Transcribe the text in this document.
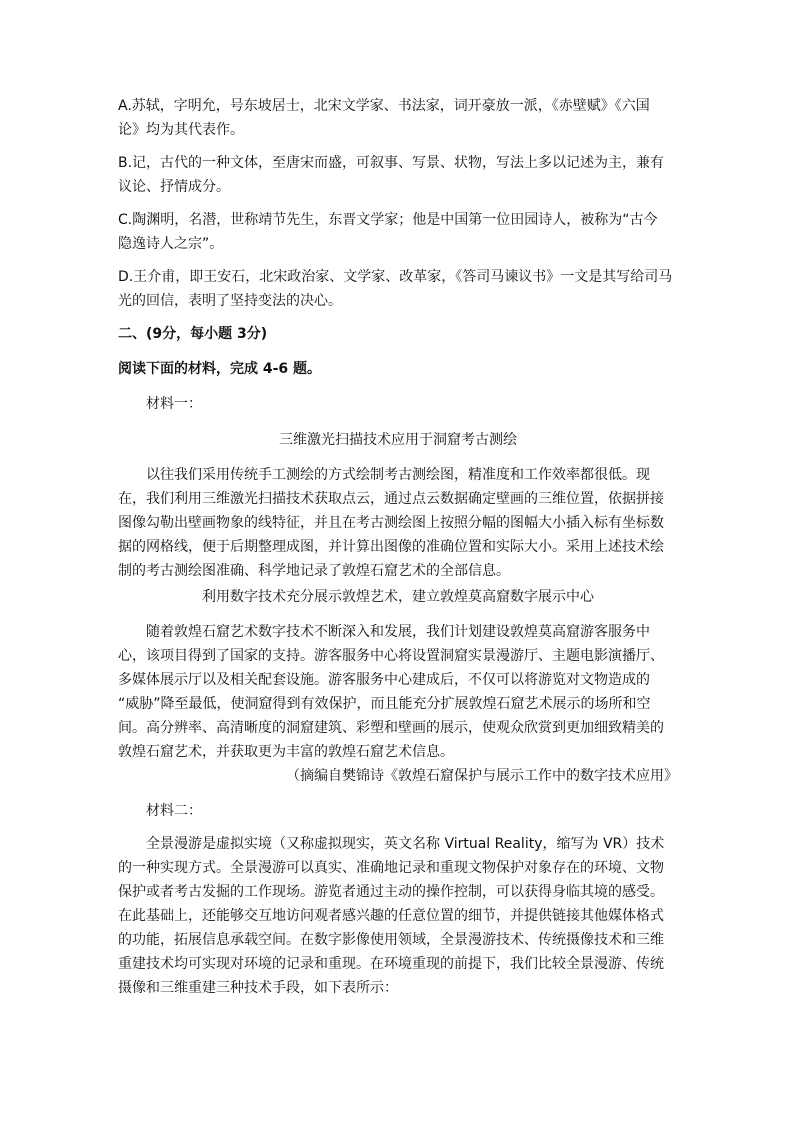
A.苏轼，字明允，号东坡居士，北宋文学家、书法家，词开豪放一派，《赤壁赋》《六国
论》均为其代表作。
B.记，古代的一种文体，至唐宋而盛，可叙事、写景、状物，写法上多以记述为主，兼有
议论、抒情成分。
C.陶渊明，名潜，世称靖节先生，东晋文学家；他是中国第一位田园诗人，被称为“古今
隐逸诗人之宗”。
D.王介甫，即王安石，北宋政治家、文学家、改革家，《答司马谏议书》一文是其写给司马
光的回信，表明了坚持变法的决心。
二、(9分，每小题 3分)
阅读下面的材料，完成 4-6 题。
材料一：
三维激光扫描技术应用于洞窟考古测绘
以往我们采用传统手工测绘的方式绘制考古测绘图，精准度和工作效率都很低。现
在，我们利用三维激光扫描技术获取点云，通过点云数据确定壁画的三维位置，依据拼接
图像勾勒出壁画物象的线特征，并且在考古测绘图上按照分幅的图幅大小插入标有坐标数
据的网格线，便于后期整理成图，并计算出图像的准确位置和实际大小。采用上述技术绘
制的考古测绘图准确、科学地记录了敦煌石窟艺术的全部信息。
利用数字技术充分展示敦煌艺术，建立敦煌莫高窟数字展示中心
随着敦煌石窟艺术数字技术不断深入和发展，我们计划建设敦煌莫高窟游客服务中
心，该项目得到了国家的支持。游客服务中心将设置洞窟实景漫游厅、主题电影演播厅、
多媒体展示厅以及相关配套设施。游客服务中心建成后，不仅可以将游览对文物造成的
“威胁”降至最低，使洞窟得到有效保护，而且能充分扩展敦煌石窟艺术展示的场所和空
间。高分辨率、高清晰度的洞窟建筑、彩塑和壁画的展示，使观众欣赏到更加细致精美的
敦煌石窟艺术，并获取更为丰富的敦煌石窟艺术信息。
（摘编自樊锦诗《敦煌石窟保护与展示工作中的数字技术应用》
材料二：
全景漫游是虚拟实境（又称虚拟现实，英文名称 Virtual Reality，缩写为 VR）技术
的一种实现方式。全景漫游可以真实、准确地记录和重现文物保护对象存在的环境、文物
保护或者考古发掘的工作现场。游览者通过主动的操作控制，可以获得身临其境的感受。
在此基础上，还能够交互地访问观者感兴趣的任意位置的细节，并提供链接其他媒体格式
的功能，拓展信息承载空间。在数字影像使用领域，全景漫游技术、传统摄像技术和三维
重建技术均可实现对环境的记录和重现。在环境重现的前提下，我们比较全景漫游、传统
摄像和三维重建三种技术手段，如下表所示：
